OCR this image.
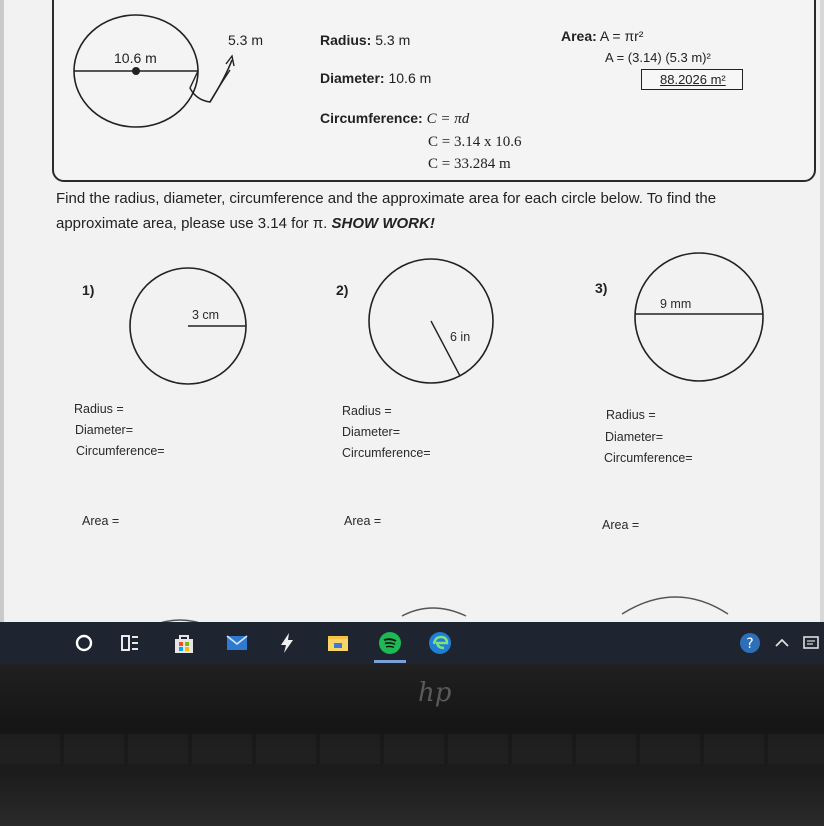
5.3 m
10.6 m
Radius: 5.3 m
Diameter: 10.6 m
Circumference: C = πd
C = 3.14 x 10.6
C = 33.284 m
Area: A = πr²
A = (3.14) (5.3 m)²
88.2026 m²
Find the radius, diameter, circumference and the approximate area for each circle below. To find the approximate area, please use 3.14 for π. SHOW WORK!
1)
3 cm
Radius =
Diameter=
Circumference=
Area =
2)
6 in
Radius =
Diameter=
Circumference=
Area =
3)
9 mm
Radius =
Diameter=
Circumference=
Area =
?
hp
